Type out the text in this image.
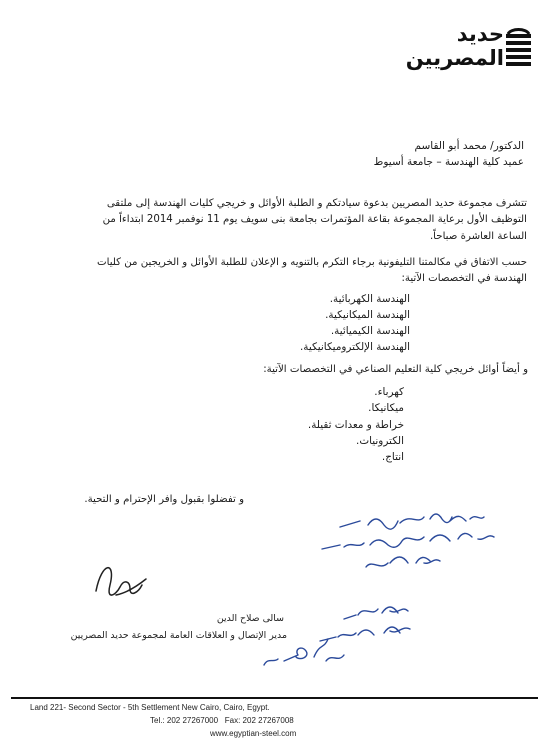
حديد
المصريين
الدكتور/ محمد أبو القاسم
عميد كلية الهندسة – جامعة أسيوط
تتشرف مجموعة حديد المصريين بدعوة سيادتكم و الطلبة الأوائل و خريجي كليات الهندسة إلى ملتقى
التوظيف الأول برعاية المجموعة بقاعة المؤتمرات بجامعة بنى سويف يوم 11 نوفمبر 2014 ابتداءاً من
الساعة العاشرة صباحاً.
حسب الاتفاق في مكالمتنا التليفونية برجاء التكرم بالتنويه و الإعلان للطلبة الأوائل و الخريجين من كليات
الهندسة في التخصصات الآتية:
الهندسة الكهربائية.
الهندسة الميكانيكية.
الهندسة الكيميائية.
الهندسة الإلكتروميكانيكية.
و أيضاً أوائل خريجي كلية التعليم الصناعي في التخصصات الآتية:
كهرباء.
ميكانيكا.
خراطة و معدات ثقيلة.
الكترونيات.
انتاج.
و تفضلوا بقبول وافر الإحترام و التحية.
سالى صلاح الدين
مدير الإتصال و العلاقات العامة لمجموعة حديد المصريين
Land 221- Second Sector - 5th Settlement New Cairo, Cairo, Egypt.
Tel.: 202 27267000 Fax: 202 27267008
www.egyptian-steel.com
